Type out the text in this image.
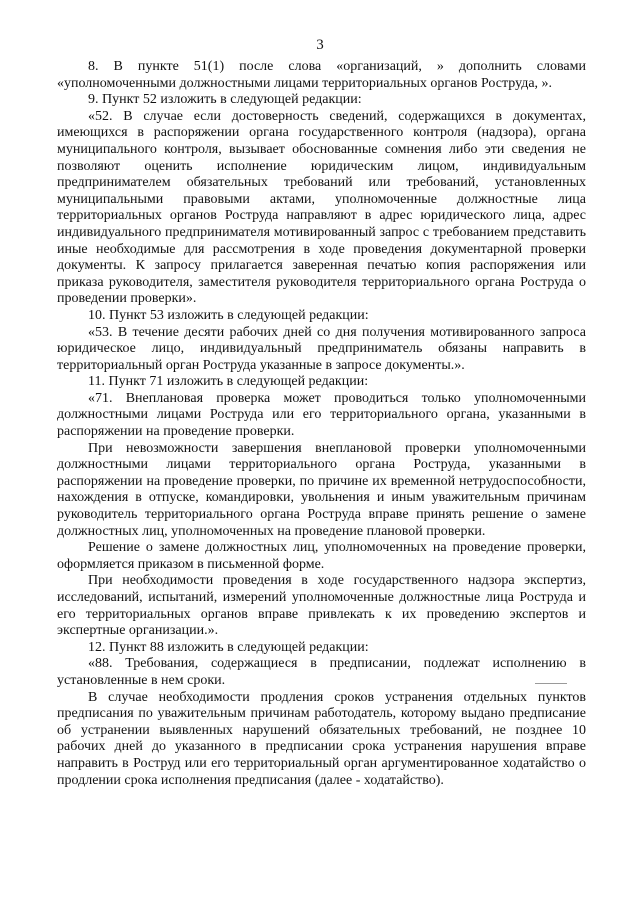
3

8. В пункте 51(1) после слова «организаций, » дополнить словами «уполномоченными должностными лицами территориальных органов Роструда, ».

9. Пункт 52 изложить в следующей редакции:

«52. В случае если достоверность сведений, содержащихся в документах, имеющихся в распоряжении органа государственного контроля (надзора), органа муниципального контроля, вызывает обоснованные сомнения либо эти сведения не позволяют оценить исполнение юридическим лицом, индивидуальным предпринимателем обязательных требований или требований, установленных муниципальными правовыми актами, уполномоченные должностные лица территориальных органов Роструда направляют в адрес юридического лица, адрес индивидуального предпринимателя мотивированный запрос с требованием представить иные необходимые для рассмотрения в ходе проведения документарной проверки документы. К запросу прилагается заверенная печатью копия распоряжения или приказа руководителя, заместителя руководителя территориального органа Роструда о проведении проверки».

10. Пункт 53 изложить в следующей редакции:

«53. В течение десяти рабочих дней со дня получения мотивированного запроса юридическое лицо, индивидуальный предприниматель обязаны направить в территориальный орган Роструда указанные в запросе документы.».

11. Пункт 71 изложить в следующей редакции:

«71. Внеплановая проверка может проводиться только уполномоченными должностными лицами Роструда или его территориального органа, указанными в распоряжении на проведение проверки.

При невозможности завершения внеплановой проверки уполномоченными должностными лицами территориального органа Роструда, указанными в распоряжении на проведение проверки, по причине их временной нетрудоспособности, нахождения в отпуске, командировки, увольнения и иным уважительным причинам руководитель территориального органа Роструда вправе принять решение о замене должностных лиц, уполномоченных на проведение плановой проверки.

Решение о замене должностных лиц, уполномоченных на проведение проверки, оформляется приказом в письменной форме.

При необходимости проведения в ходе государственного надзора экспертиз, исследований, испытаний, измерений уполномоченные должностные лица Роструда и его территориальных органов вправе привлекать к их проведению экспертов и экспертные организации.».

12. Пункт 88 изложить в следующей редакции:

«88. Требования, содержащиеся в предписании, подлежат исполнению в установленные в нем сроки.

В случае необходимости продления сроков устранения отдельных пунктов предписания по уважительным причинам работодатель, которому выдано предписание об устранении выявленных нарушений обязательных требований, не позднее 10 рабочих дней до указанного в предписании срока устранения нарушения вправе направить в Роструд или его территориальный орган аргументированное ходатайство о продлении срока исполнения предписания (далее - ходатайство).
